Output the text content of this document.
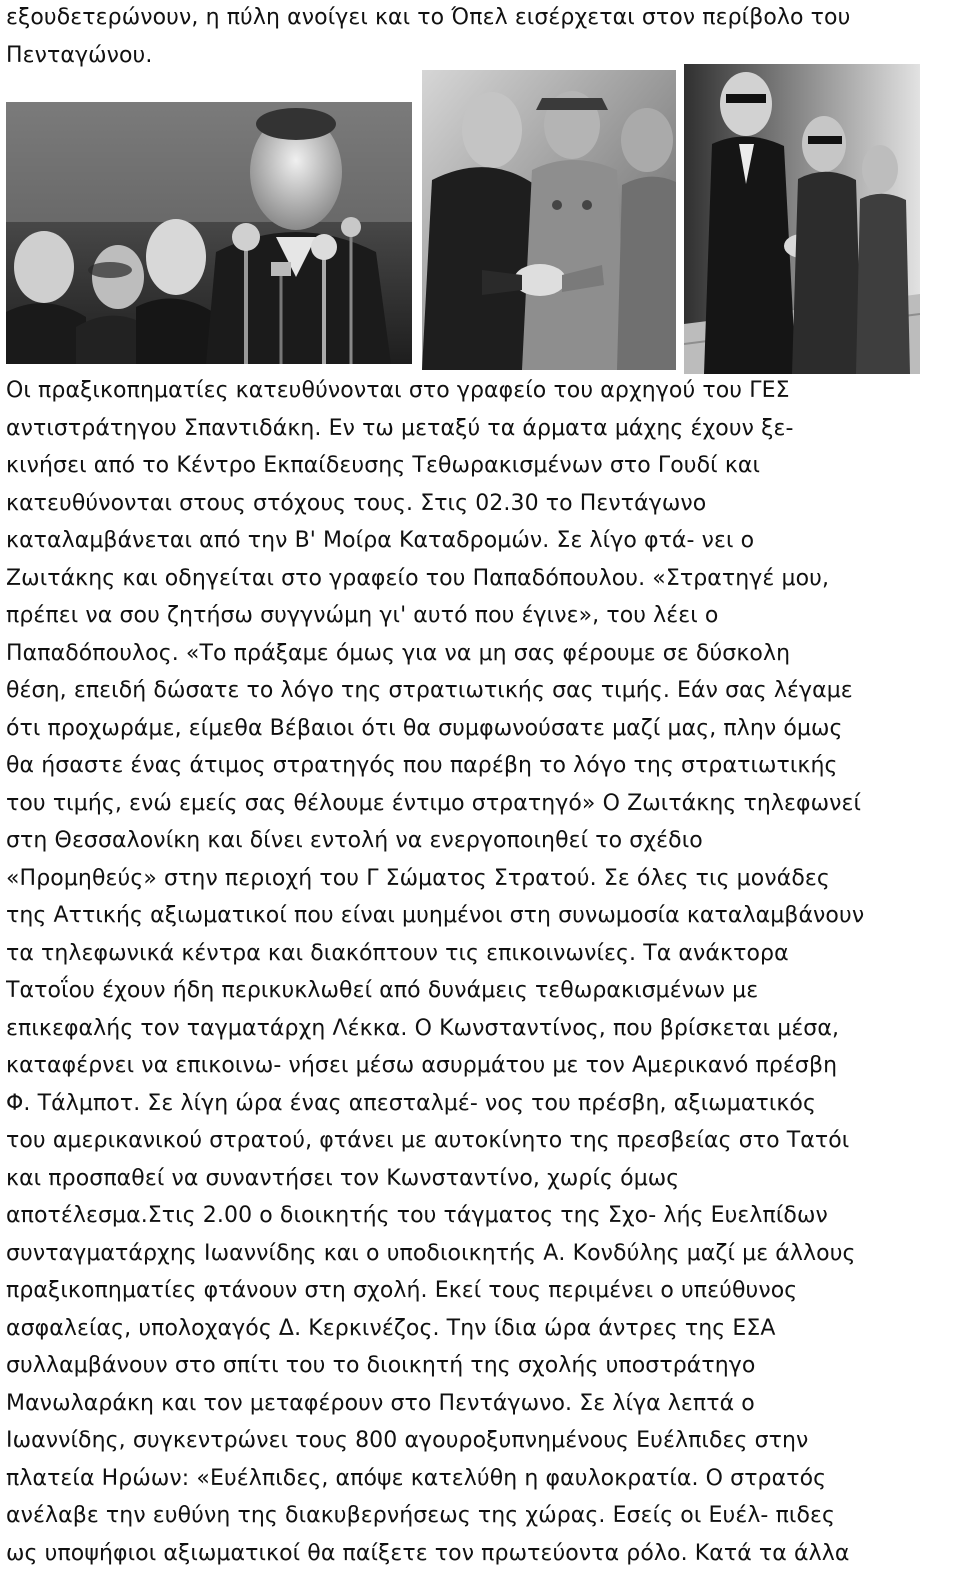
εξουδετερώνουν, η πύλη ανοίγει και το Όπελ εισέρχεται στον περίβολο του
Πενταγώνου.
Οι πραξικοπηματίες κατευθύνονται στο γραφείο του αρχηγού του ΓΕΣ
αντιστράτηγου Σπαντιδάκη. Εν τω μεταξύ τα άρματα μάχης έχουν ξε-
κινήσει από το Κέντρο Εκπαίδευσης Τεθωρακισμένων στο Γουδί και
κατευθύνονται στους στόχους τους. Στις 02.30 το Πεντάγωνο
καταλαμβάνεται από την Β' Μοίρα Καταδρομών. Σε λίγο φτά- νει ο
Ζωιτάκης και οδηγείται στο γραφείο του Παπαδόπουλου. «Στρατηγέ μου,
πρέπει να σου ζητήσω συγγνώμη γι' αυτό που έγινε», του λέει ο
Παπαδόπουλος. «Το πράξαμε όμως για να μη σας φέρουμε σε δύσκολη
θέση, επειδή δώσατε το λόγο της στρατιωτικής σας τιμής. Εάν σας λέγαμε
ότι προχωράμε, είμεθα Βέβαιοι ότι θα συμφωνούσατε μαζί μας, πλην όμως
θα ήσαστε ένας άτιμος στρατηγός που παρέβη το λόγο της στρατιωτικής
του τιμής, ενώ εμείς σας θέλουμε έντιμο στρατηγό» Ο Ζωιτάκης τηλεφωνεί
στη Θεσσαλονίκη και δίνει εντολή να ενεργοποιηθεί το σχέδιο
«Προμηθεύς» στην περιοχή του Γ Σώματος Στρατού. Σε όλες τις μονάδες
της Αττικής αξιωματικοί που είναι μυημένοι στη συνωμοσία καταλαμβάνουν
τα τηλεφωνικά κέντρα και διακόπτουν τις επικοινωνίες. Τα ανάκτορα
Τατοΐου έχουν ήδη περικυκλωθεί από δυνάμεις τεθωρακισμένων με
επικεφαλής τον ταγματάρχη Λέκκα. Ο Κωνσταντίνος, που βρίσκεται μέσα,
καταφέρνει να επικοινω- νήσει μέσω ασυρμάτου με τον Αμερικανό πρέσβη
Φ. Τάλμποτ. Σε λίγη ώρα ένας απεσταλμέ- νος του πρέσβη, αξιωματικός
του αμερικανικού στρατού, φτάνει με αυτοκίνητο της πρεσβείας στο Τατόι
και προσπαθεί να συναντήσει τον Κωνσταντίνο, χωρίς όμως
αποτέλεσμα.Στις 2.00 ο διοικητής του τάγματος της Σχο- λής Ευελπίδων
συνταγματάρχης Ιωαννίδης και ο υποδιοικητής Α. Κονδύλης μαζί με άλλους
πραξικοπηματίες φτάνουν στη σχολή. Εκεί τους περιμένει ο υπεύθυνος
ασφαλείας, υπολοχαγός Δ. Κερκινέζος. Την ίδια ώρα άντρες της ΕΣΑ
συλλαμβάνουν στο σπίτι του το διοικητή της σχολής υποστράτηγο
Μανωλαράκη και τον μεταφέρουν στο Πεντάγωνο. Σε λίγα λεπτά ο
Ιωαννίδης, συγκεντρώνει τους 800 αγουροξυπνημένους Ευέλπιδες στην
πλατεία Ηρώων: «Ευέλπιδες, απόψε κατελύθη η φαυλοκρατία. Ο στρατός
ανέλαβε την ευθύνη της διακυβερνήσεως της χώρας. Εσείς οι Ευέλ- πιδες
ως υποψήφιοι αξιωματικοί θα παίξετε τον πρωτεύοντα ρόλο. Κατά τα άλλα
